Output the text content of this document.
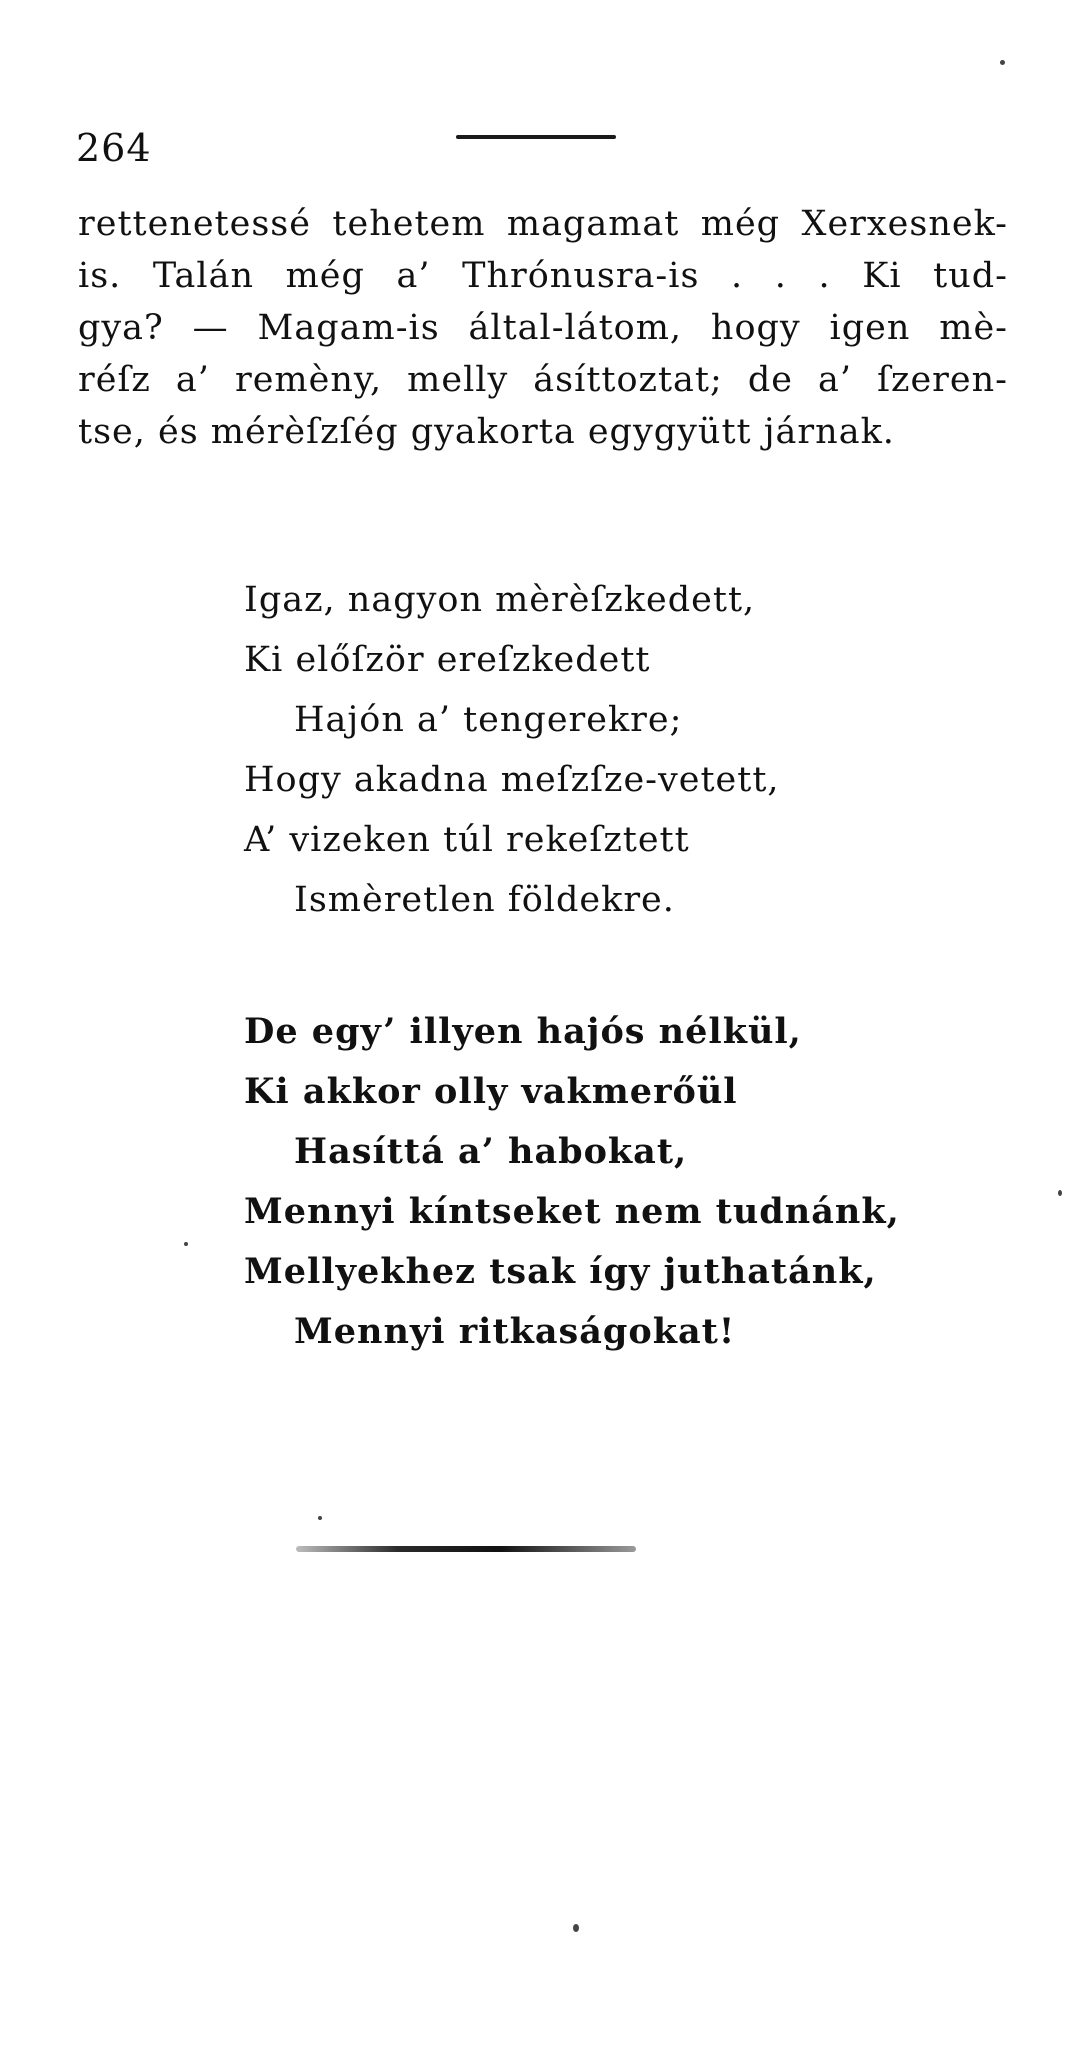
264
rettenetessé tehetem magamat még Xerxesnek-
is. Talán még a’ Thrónusra-is . . . Ki tud-
gya? — Magam-is által-látom, hogy igen mè-
réſz a’ remèny, melly ásíttoztat; de a’ ſzeren-
tse, és mérèſzſég gyakorta egygyütt járnak.
Igaz, nagyon mèrèſzkedett,
Ki előſzör ereſzkedett
Hajón a’ tengerekre;
Hogy akadna meſzſze-vetett,
A’ vizeken túl rekeſztett
Ismèretlen földekre.
De egy’ illyen hajós nélkül,
Ki akkor olly vakmerőül
Hasíttá a’ habokat,
Mennyi kíntseket nem tudnánk,
Mellyekhez tsak így juthatánk,
Mennyi ritkaságokat!
